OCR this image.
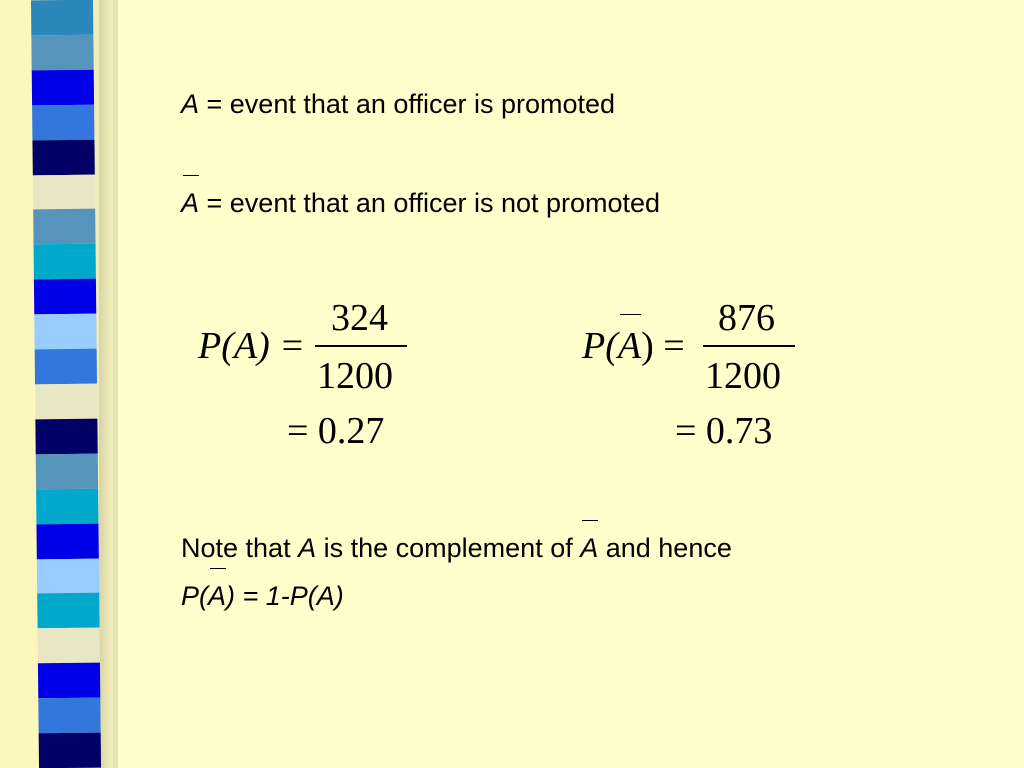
A = event that an officer is promoted
A = event that an officer is not promoted
P(A) =
324
1200
= 0.27
P(A) =
876
1200
= 0.73
Note that A is the complement of A and hence
P(A) = 1-P(A)
